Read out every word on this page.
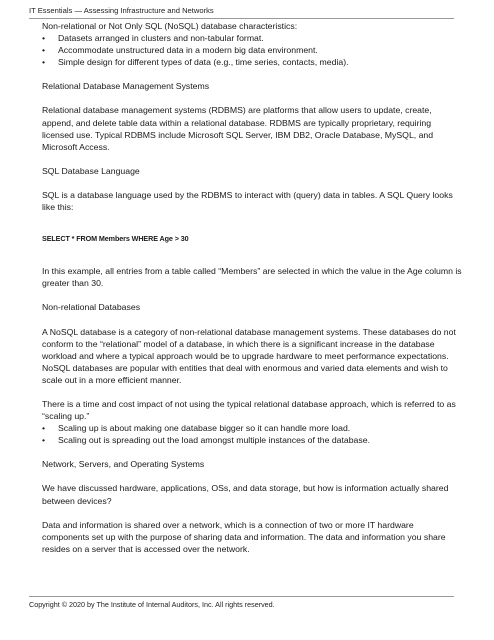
IT Essentials — Assessing Infrastructure and Networks

Non-relational or Not Only SQL (NoSQL) database characteristics:

• Datasets arranged in clusters and non-tabular format.
• Accommodate unstructured data in a modern big data environment.
• Simple design for different types of data (e.g., time series, contacts, media).

Relational Database Management Systems

Relational database management systems (RDBMS) are platforms that allow users to update, create, append, and delete table data within a relational database. RDBMS are typically proprietary, requiring licensed use. Typical RDBMS include Microsoft SQL Server, IBM DB2, Oracle Database, MySQL, and Microsoft Access.

SQL Database Language

SQL is a database language used by the RDBMS to interact with (query) data in tables. A SQL Query looks like this:

SELECT * FROM Members WHERE Age > 30

In this example, all entries from a table called “Members” are selected in which the value in the Age column is greater than 30.

Non-relational Databases

A NoSQL database is a category of non-relational database management systems. These databases do not conform to the “relational” model of a database, in which there is a significant increase in the database workload and where a typical approach would be to upgrade hardware to meet performance expectations. NoSQL databases are popular with entities that deal with enormous and varied data elements and wish to scale out in a more efficient manner.

There is a time and cost impact of not using the typical relational database approach, which is referred to as “scaling up.”

• Scaling up is about making one database bigger so it can handle more load.
• Scaling out is spreading out the load amongst multiple instances of the database.

Network, Servers, and Operating Systems

We have discussed hardware, applications, OSs, and data storage, but how is information actually shared between devices?

Data and information is shared over a network, which is a connection of two or more IT hardware components set up with the purpose of sharing data and information. The data and information you share resides on a server that is accessed over the network.

Copyright © 2020 by The Institute of Internal Auditors, Inc. All rights reserved.
